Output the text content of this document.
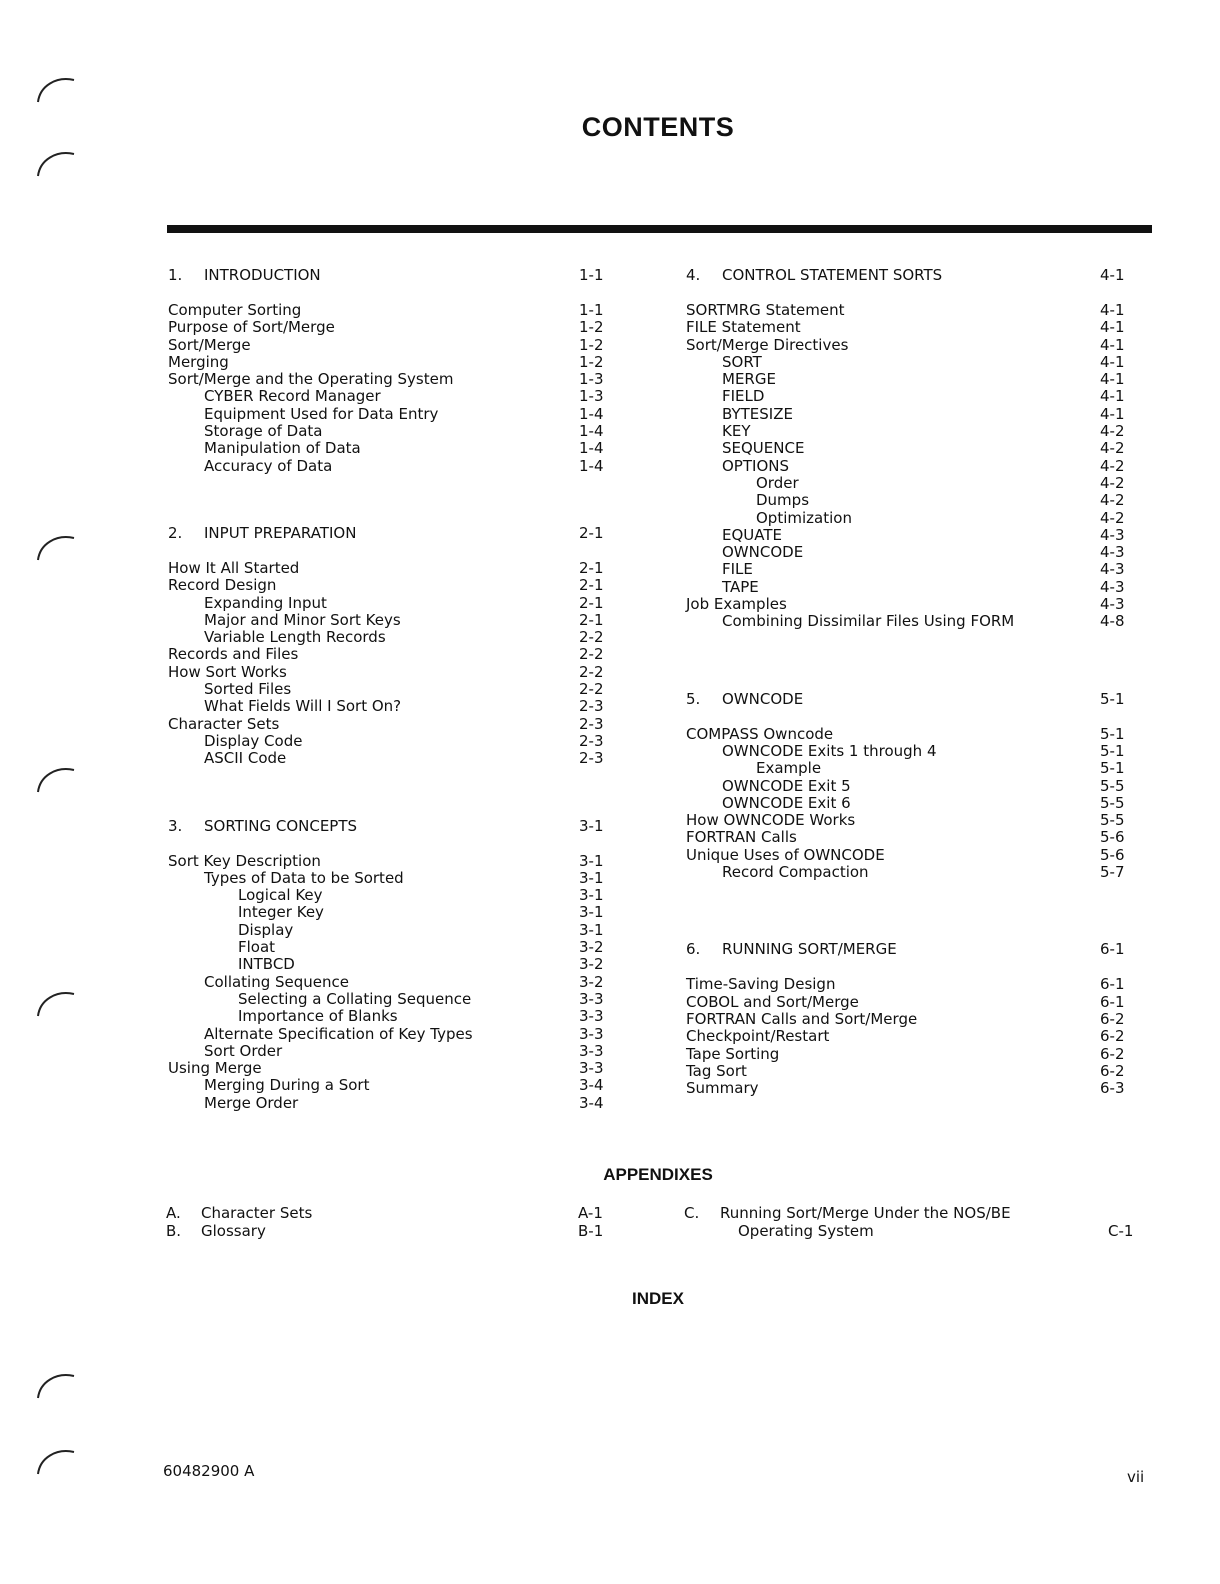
CONTENTS
1. INTRODUCTION	1-1
Computer Sorting	1-1
Purpose of Sort/Merge	1-2
Sort/Merge	1-2
Merging	1-2
Sort/Merge and the Operating System	1-3
CYBER Record Manager	1-3
Equipment Used for Data Entry	1-4
Storage of Data	1-4
Manipulation of Data	1-4
Accuracy of Data	1-4
2. INPUT PREPARATION	2-1
How It All Started	2-1
Record Design	2-1
Expanding Input	2-1
Major and Minor Sort Keys	2-1
Variable Length Records	2-2
Records and Files	2-2
How Sort Works	2-2
Sorted Files	2-2
What Fields Will I Sort On?	2-3
Character Sets	2-3
Display Code	2-3
ASCII Code	2-3
3. SORTING CONCEPTS	3-1
Sort Key Description	3-1
Types of Data to be Sorted	3-1
Logical Key	3-1
Integer Key	3-1
Display	3-1
Float	3-2
INTBCD	3-2
Collating Sequence	3-2
Selecting a Collating Sequence	3-3
Importance of Blanks	3-3
Alternate Specification of Key Types	3-3
Sort Order	3-3
Using Merge	3-3
Merging During a Sort	3-4
Merge Order	3-4
4. CONTROL STATEMENT SORTS	4-1
SORTMRG Statement	4-1
FILE Statement	4-1
Sort/Merge Directives	4-1
SORT	4-1
MERGE	4-1
FIELD	4-1
BYTESIZE	4-1
KEY	4-2
SEQUENCE	4-2
OPTIONS	4-2
Order	4-2
Dumps	4-2
Optimization	4-2
EQUATE	4-3
OWNCODE	4-3
FILE	4-3
TAPE	4-3
Job Examples	4-3
Combining Dissimilar Files Using FORM	4-8
5. OWNCODE	5-1
COMPASS Owncode	5-1
OWNCODE Exits 1 through 4	5-1
Example	5-1
OWNCODE Exit 5	5-5
OWNCODE Exit 6	5-5
How OWNCODE Works	5-5
FORTRAN Calls	5-6
Unique Uses of OWNCODE	5-6
Record Compaction	5-7
6. RUNNING SORT/MERGE	6-1
Time-Saving Design	6-1
COBOL and Sort/Merge	6-1
FORTRAN Calls and Sort/Merge	6-2
Checkpoint/Restart	6-2
Tape Sorting	6-2
Tag Sort	6-2
Summary	6-3
APPENDIXES
A. Character Sets	A-1
B. Glossary	B-1
C. Running Sort/Merge Under the NOS/BE
Operating System	C-1
INDEX
60482900 A	vii
